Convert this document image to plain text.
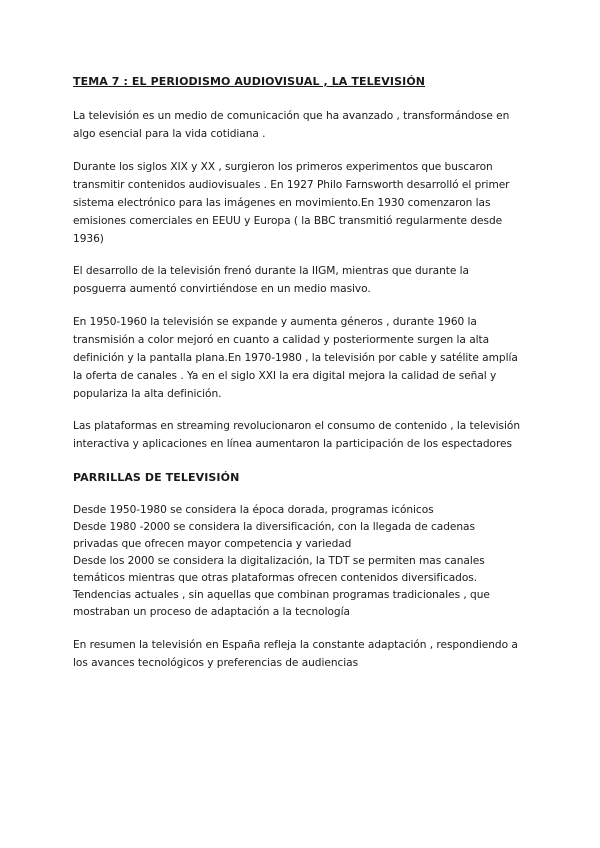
TEMA 7 : EL PERIODISMO AUDIOVISUAL , LA TELEVISIÓN

La televisión es un medio de comunicación que ha avanzado , transformándose en
algo esencial para la vida cotidiana .

Durante los siglos XIX y XX , surgieron los primeros experimentos que buscaron
transmitir contenidos audiovisuales . En 1927 Philo Farnsworth desarrolló el primer
sistema electrónico para las imágenes en movimiento.En 1930 comenzaron las
emisiones comerciales en EEUU y Europa ( la BBC transmitió regularmente desde
1936)

El desarrollo de la televisión frenó durante la IIGM, mientras que durante la
posguerra aumentó convirtiéndose en un medio masivo.

En 1950-1960 la televisión se expande y aumenta géneros , durante 1960 la
transmisión a color mejoró en cuanto a calidad y posteriormente surgen la alta
definición y la pantalla plana.En 1970-1980 , la televisión por cable y satélite amplía
la oferta de canales . Ya en el siglo XXI la era digital mejora la calidad de señal y
populariza la alta definición.

Las plataformas en streaming revolucionaron el consumo de contenido , la televisión
interactiva y aplicaciones en línea aumentaron la participación de los espectadores

PARRILLAS DE TELEVISIÓN

Desde 1950-1980 se considera la época dorada, programas icónicos
Desde 1980 -2000 se considera la diversificación, con la llegada de cadenas
privadas que ofrecen mayor competencia y variedad
Desde los 2000 se considera la digitalización, la TDT se permiten mas canales
temáticos mientras que otras plataformas ofrecen contenidos diversificados.
Tendencias actuales , sin aquellas que combinan programas tradicionales , que
mostraban un proceso de adaptación a la tecnología

En resumen la televisión en España refleja la constante adaptación , respondiendo a
los avances tecnológicos y preferencias de audiencias
